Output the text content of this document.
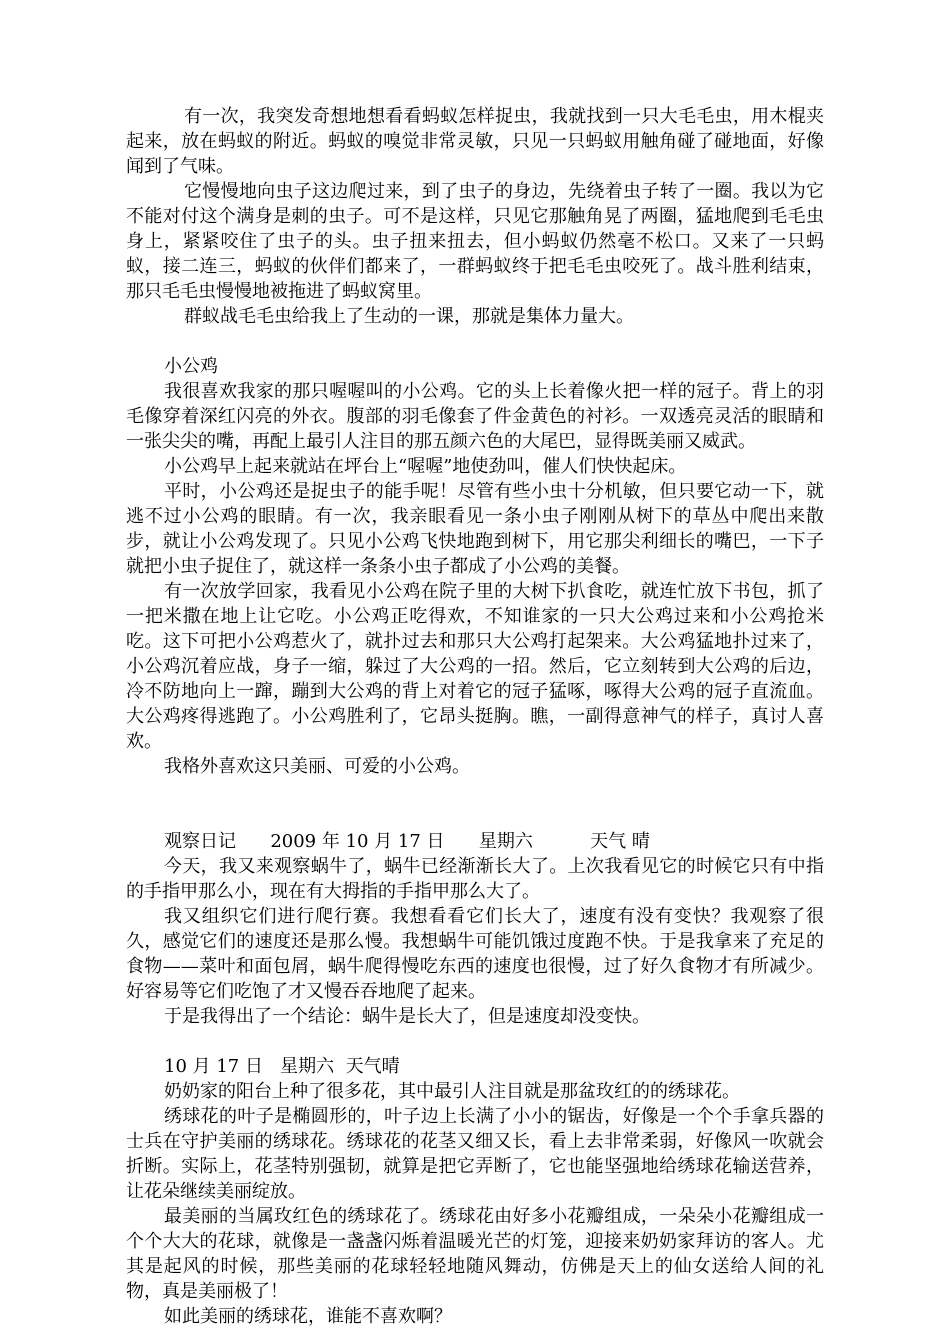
有一次，我突发奇想地想看看蚂蚁怎样捉虫，我就找到一只大毛毛虫，用木棍夹起来，放在蚂蚁的附近。蚂蚁的嗅觉非常灵敏，只见一只蚂蚁用触角碰了碰地面，好像闻到了气味。

它慢慢地向虫子这边爬过来，到了虫子的身边，先绕着虫子转了一圈。我以为它不能对付这个满身是刺的虫子。可不是这样，只见它那触角晃了两圈，猛地爬到毛毛虫身上，紧紧咬住了虫子的头。虫子扭来扭去，但小蚂蚁仍然毫不松口。又来了一只蚂蚁，接二连三，蚂蚁的伙伴们都来了，一群蚂蚁终于把毛毛虫咬死了。战斗胜利结束，那只毛毛虫慢慢地被拖进了蚂蚁窝里。

群蚁战毛毛虫给我上了生动的一课，那就是集体力量大。

小公鸡

我很喜欢我家的那只喔喔叫的小公鸡。它的头上长着像火把一样的冠子。背上的羽毛像穿着深红闪亮的外衣。腹部的羽毛像套了件金黄色的衬衫。一双透亮灵活的眼睛和一张尖尖的嘴，再配上最引人注目的那五颜六色的大尾巴，显得既美丽又威武。

小公鸡早上起来就站在坪台上“喔喔”地使劲叫，催人们快快起床。

平时，小公鸡还是捉虫子的能手呢！尽管有些小虫十分机敏，但只要它动一下，就逃不过小公鸡的眼睛。有一次，我亲眼看见一条小虫子刚刚从树下的草丛中爬出来散步，就让小公鸡发现了。只见小公鸡飞快地跑到树下，用它那尖利细长的嘴巴，一下子就把小虫子捉住了，就这样一条条小虫子都成了小公鸡的美餐。

有一次放学回家，我看见小公鸡在院子里的大树下扒食吃，就连忙放下书包，抓了一把米撒在地上让它吃。小公鸡正吃得欢，不知谁家的一只大公鸡过来和小公鸡抢米吃。这下可把小公鸡惹火了，就扑过去和那只大公鸡打起架来。大公鸡猛地扑过来了，小公鸡沉着应战，身子一缩，躲过了大公鸡的一招。然后，它立刻转到大公鸡的后边，冷不防地向上一蹿，蹦到大公鸡的背上对着它的冠子猛啄，啄得大公鸡的冠子直流血。大公鸡疼得逃跑了。小公鸡胜利了，它昂头挺胸。瞧，一副得意神气的样子，真讨人喜欢。

我格外喜欢这只美丽、可爱的小公鸡。

观察日记      2009 年 10 月 17 日      星期六          天气 晴

今天，我又来观察蜗牛了，蜗牛已经渐渐长大了。上次我看见它的时候它只有中指的手指甲那么小，现在有大拇指的手指甲那么大了。

我又组织它们进行爬行赛。我想看看它们长大了，速度有没有变快？我观察了很久，感觉它们的速度还是那么慢。我想蜗牛可能饥饿过度跑不快。于是我拿来了充足的食物——菜叶和面包屑，蜗牛爬得慢吃东西的速度也很慢，过了好久食物才有所减少。好容易等它们吃饱了才又慢吞吞地爬了起来。

于是我得出了一个结论：蜗牛是长大了，但是速度却没变快。

10 月 17 日   星期六  天气晴

奶奶家的阳台上种了很多花，其中最引人注目就是那盆玫红的的绣球花。

绣球花的叶子是椭圆形的，叶子边上长满了小小的锯齿，好像是一个个手拿兵器的士兵在守护美丽的绣球花。绣球花的花茎又细又长，看上去非常柔弱，好像风一吹就会折断。实际上，花茎特别强韧，就算是把它弄断了，它也能坚强地给绣球花输送营养，让花朵继续美丽绽放。

最美丽的当属玫红色的绣球花了。绣球花由好多小花瓣组成，一朵朵小花瓣组成一个个大大的花球，就像是一盏盏闪烁着温暖光芒的灯笼，迎接来奶奶家拜访的客人。尤其是起风的时候，那些美丽的花球轻轻地随风舞动，仿佛是天上的仙女送给人间的礼物，真是美丽极了！

如此美丽的绣球花，谁能不喜欢啊？
